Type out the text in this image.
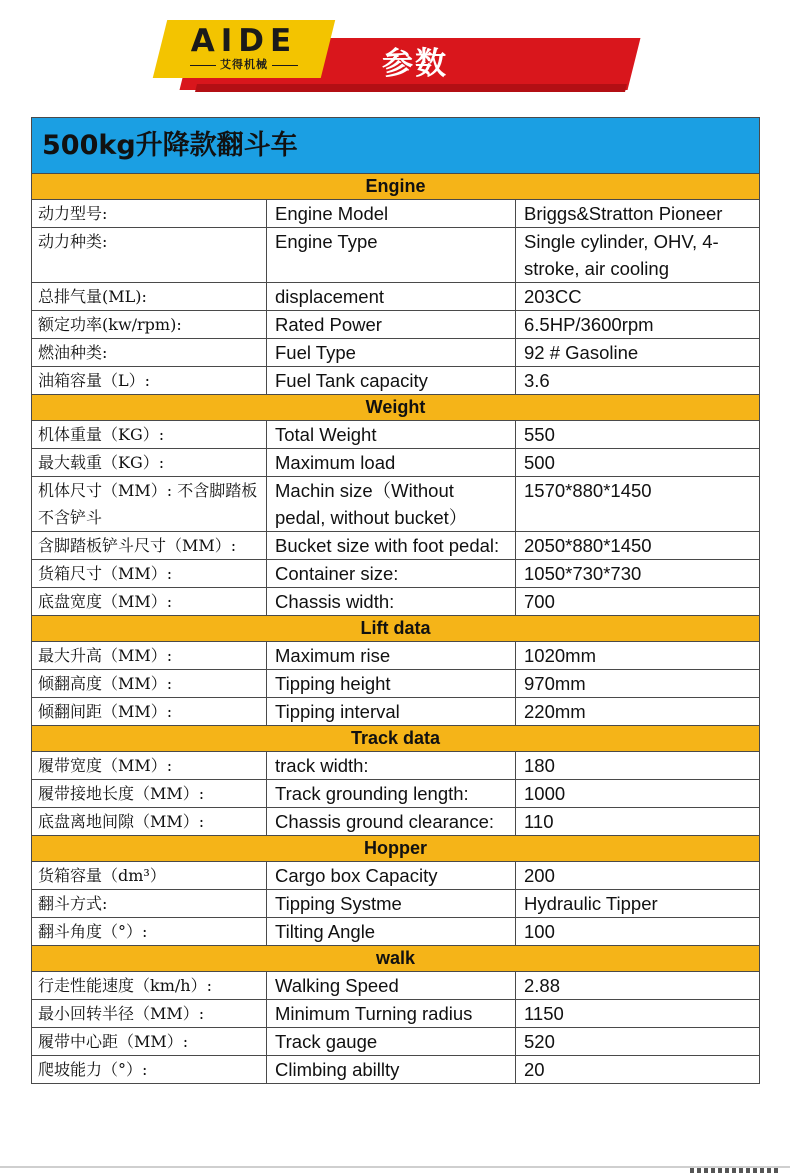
AIDE
艾得机械	参数
500kg升降款翻斗车		
Engine		
动力型号:	Engine Model	Briggs&Stratton Pioneer
动力种类:	Engine Type	Single cylinder, OHV, 4-stroke, air cooling
总排气量(ML):	displacement	203CC
额定功率(kw/rpm):	Rated Power	6.5HP/3600rpm
燃油种类:	Fuel Type	92 # Gasoline
油箱容量（L）:	Fuel Tank capacity	3.6
Weight		
机体重量（KG）:	Total Weight	550
最大载重（KG）:	Maximum load	500
机体尺寸（MM）: 不含脚踏板不含铲斗	Machin size（Without pedal, without bucket）	1570*880*1450
含脚踏板铲斗尺寸（MM）:	Bucket size with foot pedal:	2050*880*1450
货箱尺寸（MM）:	Container size:	1050*730*730
底盘宽度（MM）:	Chassis width:	700
Lift data		
最大升高（MM）:	Maximum rise	1020mm
倾翻高度（MM）:	Tipping height	970mm
倾翻间距（MM）:	Tipping interval	220mm
Track data		
履带宽度（MM）:	track width:	180
履带接地长度（MM）:	Track grounding length:	1000
底盘离地间隙（MM）:	Chassis ground clearance:	110
Hopper		
货箱容量（dm³）	Cargo box Capacity	200
翻斗方式:	Tipping Systme	Hydraulic Tipper
翻斗角度（°）:	Tilting Angle	100
walk		
行走性能速度（km/h）:	Walking Speed	2.88
最小回转半径（MM）:	Minimum Turning radius	1150
履带中心距（MM）:	Track gauge	520
爬坡能力（°）:	Climbing abillty	20
